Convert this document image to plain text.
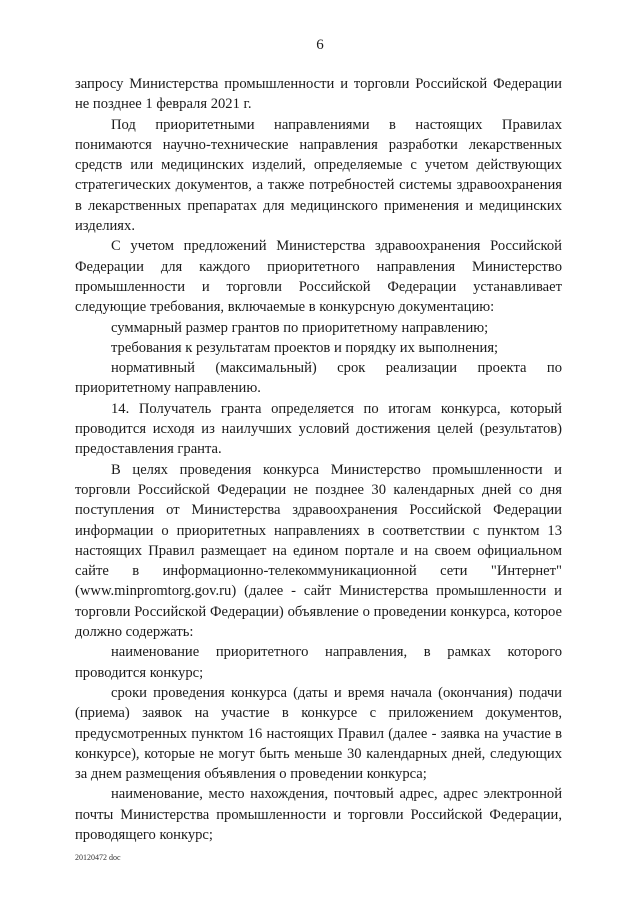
6

запросу Министерства промышленности и торговли Российской Федерации не позднее 1 февраля 2021 г.

Под приоритетными направлениями в настоящих Правилах понимаются научно-технические направления разработки лекарственных средств или медицинских изделий, определяемые с учетом действующих стратегических документов, а также потребностей системы здравоохранения в лекарственных препаратах для медицинского применения и медицинских изделиях.

С учетом предложений Министерства здравоохранения Российской Федерации для каждого приоритетного направления Министерство промышленности и торговли Российской Федерации устанавливает следующие требования, включаемые в конкурсную документацию:

суммарный размер грантов по приоритетному направлению;

требования к результатам проектов и порядку их выполнения;

нормативный (максимальный) срок реализации проекта по приоритетному направлению.

14. Получатель гранта определяется по итогам конкурса, который проводится исходя из наилучших условий достижения целей (результатов) предоставления гранта.

В целях проведения конкурса Министерство промышленности и торговли Российской Федерации не позднее 30 календарных дней со дня поступления от Министерства здравоохранения Российской Федерации информации о приоритетных направлениях в соответствии с пунктом 13 настоящих Правил размещает на едином портале и на своем официальном сайте в информационно-телекоммуникационной сети "Интернет" (www.minpromtorg.gov.ru) (далее - сайт Министерства промышленности и торговли Российской Федерации) объявление о проведении конкурса, которое должно содержать:

наименование приоритетного направления, в рамках которого проводится конкурс;

сроки проведения конкурса (даты и время начала (окончания) подачи (приема) заявок на участие в конкурсе с приложением документов, предусмотренных пунктом 16 настоящих Правил (далее - заявка на участие в конкурсе), которые не могут быть меньше 30 календарных дней, следующих за днем размещения объявления о проведении конкурса;

наименование, место нахождения, почтовый адрес, адрес электронной почты Министерства промышленности и торговли Российской Федерации, проводящего конкурс;

20120472 doc
